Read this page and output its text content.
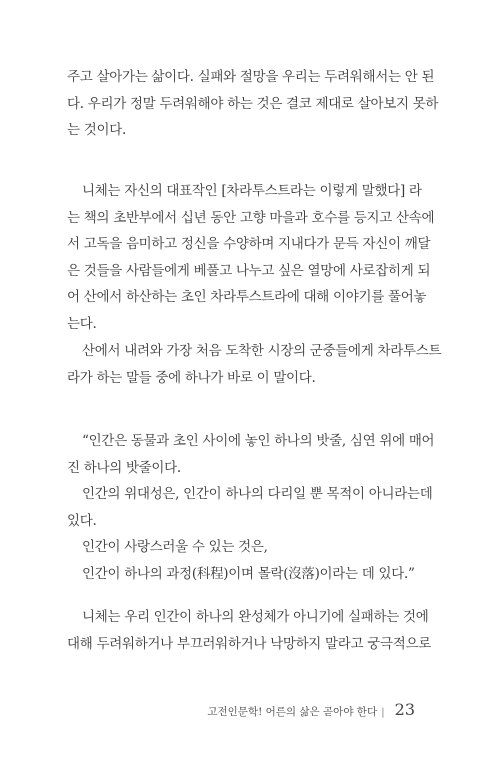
주고 살아가는 삶이다. 실패와 절망을 우리는 두려워해서는 안 된
다. 우리가 정말 두려워해야 하는 것은 결코 제대로 살아보지 못하
는 것이다.
니체는 자신의 대표작인 [차라투스트라는 이렇게 말했다] 라
는 책의 초반부에서 십년 동안 고향 마을과 호수를 등지고 산속에
서 고독을 음미하고 정신을 수양하며 지내다가 문득 자신이 깨달
은 것들을 사람들에게 베풀고 나누고 싶은 열망에 사로잡히게 되
어 산에서 하산하는 초인 차라투스트라에 대해 이야기를 풀어놓
는다.
산에서 내려와 가장 처음 도착한 시장의 군중들에게 차라투스트
라가 하는 말들 중에 하나가 바로 이 말이다.
“인간은 동물과 초인 사이에 놓인 하나의 밧줄, 심연 위에 매어
진 하나의 밧줄이다.
인간의 위대성은, 인간이 하나의 다리일 뿐 목적이 아니라는데
있다.
인간이 사랑스러울 수 있는 것은,
인간이 하나의 과정(科程)이며 몰락(沒落)이라는 데 있다.”
니체는 우리 인간이 하나의 완성체가 아니기에 실패하는 것에
대해 두려워하거나 부끄러워하거나 낙망하지 말라고 궁극적으로
고전인문학! 어른의 삶은 곧아야 한다 | 23
